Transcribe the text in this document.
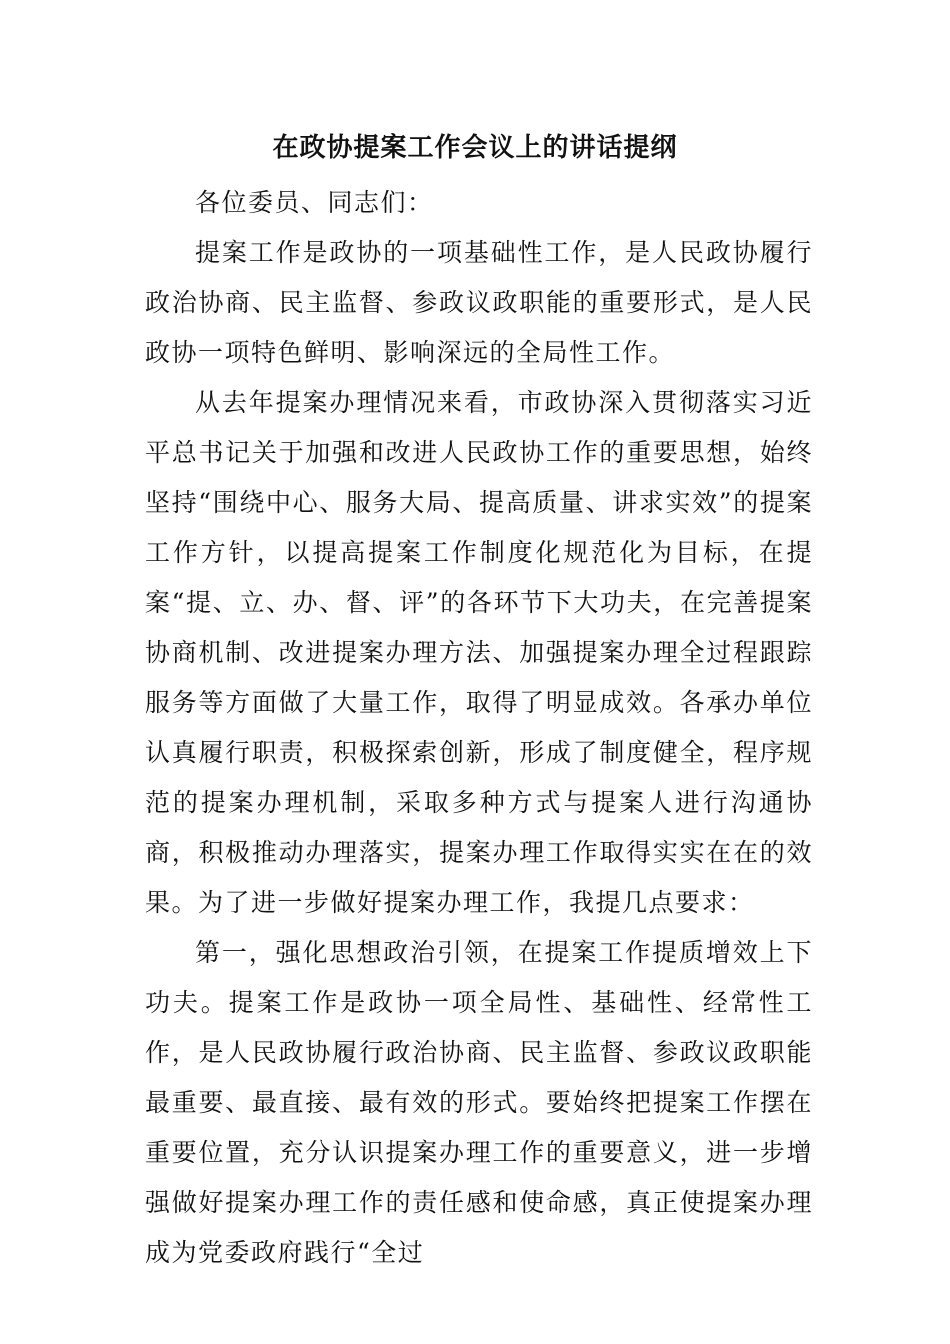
在政协提案工作会议上的讲话提纲

各位委员、同志们：

提案工作是政协的一项基础性工作，是人民政协履行政治协商、民主监督、参政议政职能的重要形式，是人民政协一项特色鲜明、影响深远的全局性工作。

从去年提案办理情况来看，市政协深入贯彻落实习近平总书记关于加强和改进人民政协工作的重要思想，始终坚持“围绕中心、服务大局、提高质量、讲求实效”的提案工作方针，以提高提案工作制度化规范化为目标，在提案“提、立、办、督、评”的各环节下大功夫，在完善提案协商机制、改进提案办理方法、加强提案办理全过程跟踪服务等方面做了大量工作，取得了明显成效。各承办单位认真履行职责，积极探索创新，形成了制度健全，程序规范的提案办理机制，采取多种方式与提案人进行沟通协商，积极推动办理落实，提案办理工作取得实实在在的效果。为了进一步做好提案办理工作，我提几点要求：

第一，强化思想政治引领，在提案工作提质增效上下功夫。提案工作是政协一项全局性、基础性、经常性工作，是人民政协履行政治协商、民主监督、参政议政职能最重要、最直接、最有效的形式。要始终把提案工作摆在重要位置，充分认识提案办理工作的重要意义，进一步增强做好提案办理工作的责任感和使命感，真正使提案办理成为党委政府践行“全过
